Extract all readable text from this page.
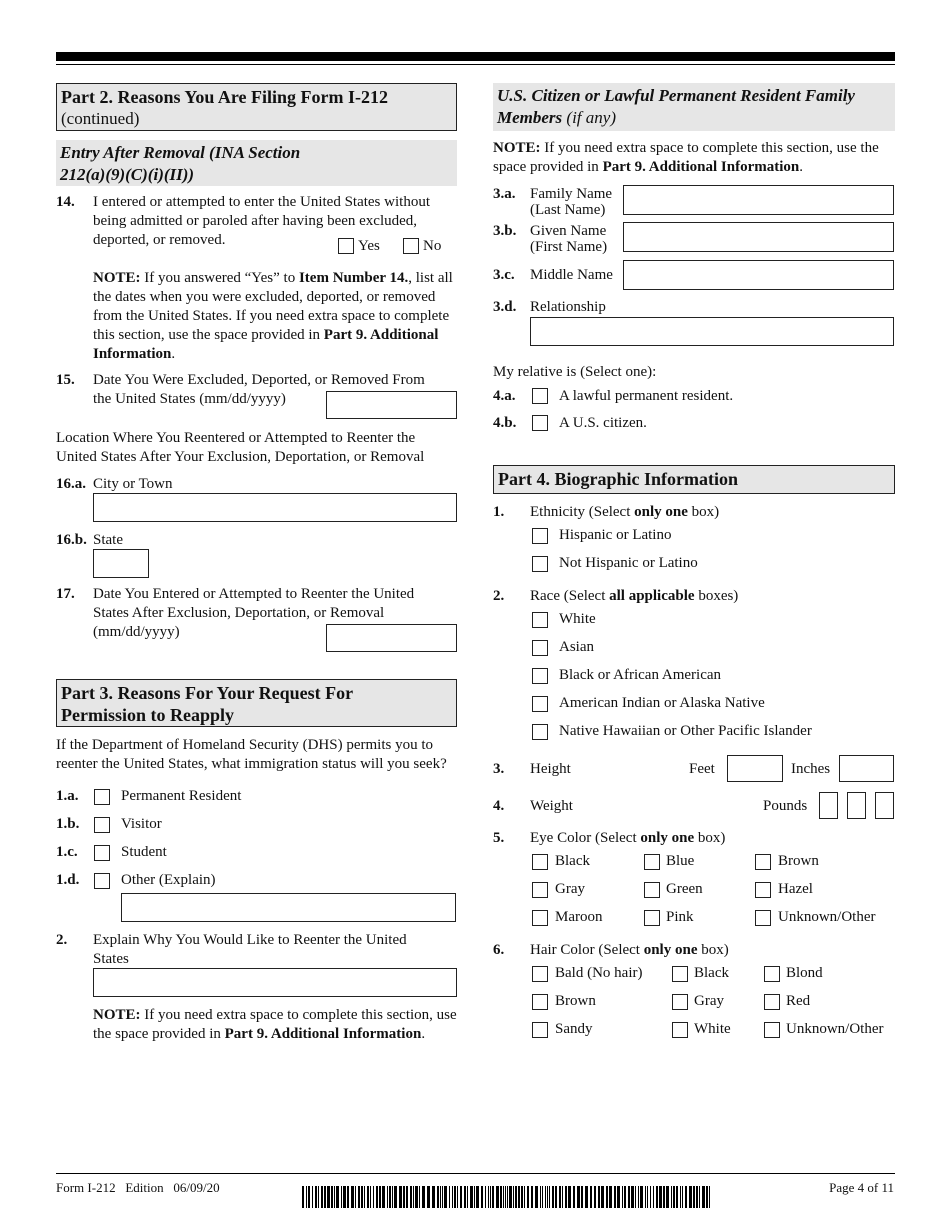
Part 2. Reasons You Are Filing Form I-212
(continued)
Entry After Removal (INA Section
212(a)(9)(C)(i)(II))
14. I entered or attempted to enter the United States without
being admitted or paroled after having been excluded,
deported, or removed.	Yes	No
NOTE: If you answered “Yes” to Item Number 14., list all the dates when you were excluded, deported, or removed from the United States. If you need extra space to complete this section, use the space provided in Part 9. Additional Information.
15. Date You Were Excluded, Deported, or Removed From
the United States (mm/dd/yyyy)
Location Where You Reentered or Attempted to Reenter the
United States After Your Exclusion, Deportation, or Removal
16.a. City or Town
16.b. State
17. Date You Entered or Attempted to Reenter the United
States After Exclusion, Deportation, or Removal
(mm/dd/yyyy)
Part 3. Reasons For Your Request For
Permission to Reapply
If the Department of Homeland Security (DHS) permits you to
reenter the United States, what immigration status will you seek?
1.a.	Permanent Resident
1.b.	Visitor
1.c.	Student
1.d.	Other (Explain)
2. Explain Why You Would Like to Reenter the United
States
NOTE: If you need extra space to complete this section, use the space provided in Part 9. Additional Information.
U.S. Citizen or Lawful Permanent Resident Family Members (if any)
NOTE: If you need extra space to complete this section, use the space provided in Part 9. Additional Information.
3.a. Family Name
(Last Name)
3.b. Given Name
(First Name)
3.c. Middle Name
3.d. Relationship
My relative is (Select one):
4.a.	A lawful permanent resident.
4.b.	A U.S. citizen.
Part 4. Biographic Information
1. Ethnicity (Select only one box)
Hispanic or Latino
Not Hispanic or Latino
2. Race (Select all applicable boxes)
White
Asian
Black or African American
American Indian or Alaska Native
Native Hawaiian or Other Pacific Islander
3. Height	Feet	Inches
4. Weight	Pounds
5. Eye Color (Select only one box)
Black	Blue	Brown
Gray	Green	Hazel
Maroon	Pink	Unknown/Other
6. Hair Color (Select only one box)
Bald (No hair)	Black	Blond
Brown	Gray	Red
Sandy	White	Unknown/Other
Form I-212   Edition   06/09/20	Page 4 of 11
